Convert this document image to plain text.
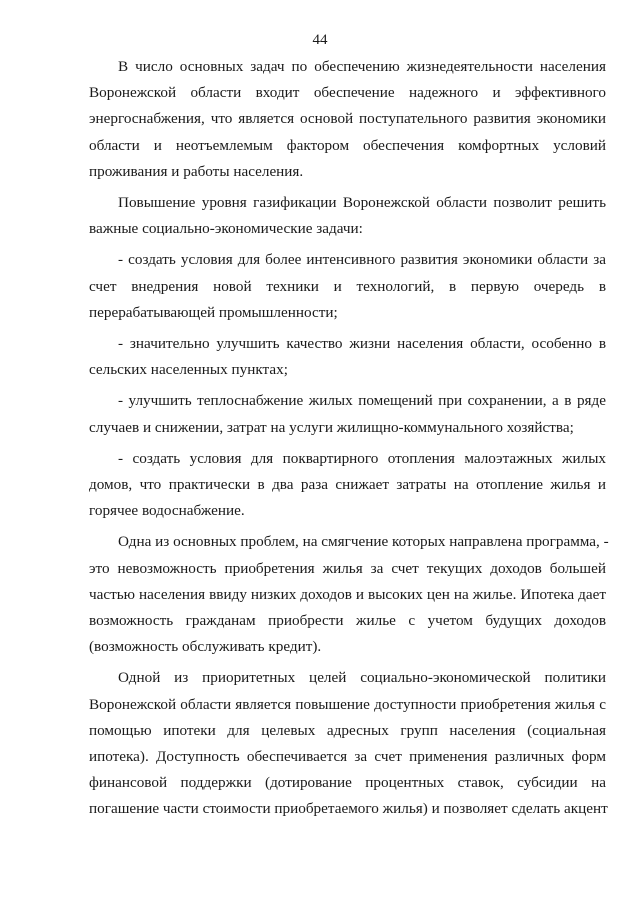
44
В число основных задач по обеспечению жизнедеятельности населения
Воронежской области входит обеспечение надежного и эффективного
энергоснабжения, что является основой поступательного развития экономики
области и неотъемлемым фактором обеспечения комфортных условий
проживания и работы населения.
Повышение уровня газификации Воронежской области позволит решить
важные социально-экономические задачи:
- создать условия для более интенсивного развития экономики области за
счет внедрения новой техники и технологий, в первую очередь в
перерабатывающей промышленности;
- значительно улучшить качество жизни населения области, особенно в
сельских населенных пунктах;
- улучшить теплоснабжение жилых помещений при сохранении, а в ряде
случаев и снижении, затрат на услуги жилищно-коммунального хозяйства;
- создать условия для поквартирного отопления малоэтажных жилых
домов, что практически в два раза снижает затраты на отопление жилья и
горячее водоснабжение.
Одна из основных проблем, на смягчение которых направлена программа, -
это невозможность приобретения жилья за счет текущих доходов большей
частью населения ввиду низких доходов и высоких цен на жилье. Ипотека дает
возможность гражданам приобрести жилье с учетом будущих доходов
(возможность обслуживать кредит).
Одной из приоритетных целей социально-экономической политики
Воронежской области является повышение доступности приобретения жилья с
помощью ипотеки для целевых адресных групп населения (социальная
ипотека). Доступность обеспечивается за счет применения различных форм
финансовой поддержки (дотирование процентных ставок, субсидии на
погашение части стоимости приобретаемого жилья) и позволяет сделать акцент
